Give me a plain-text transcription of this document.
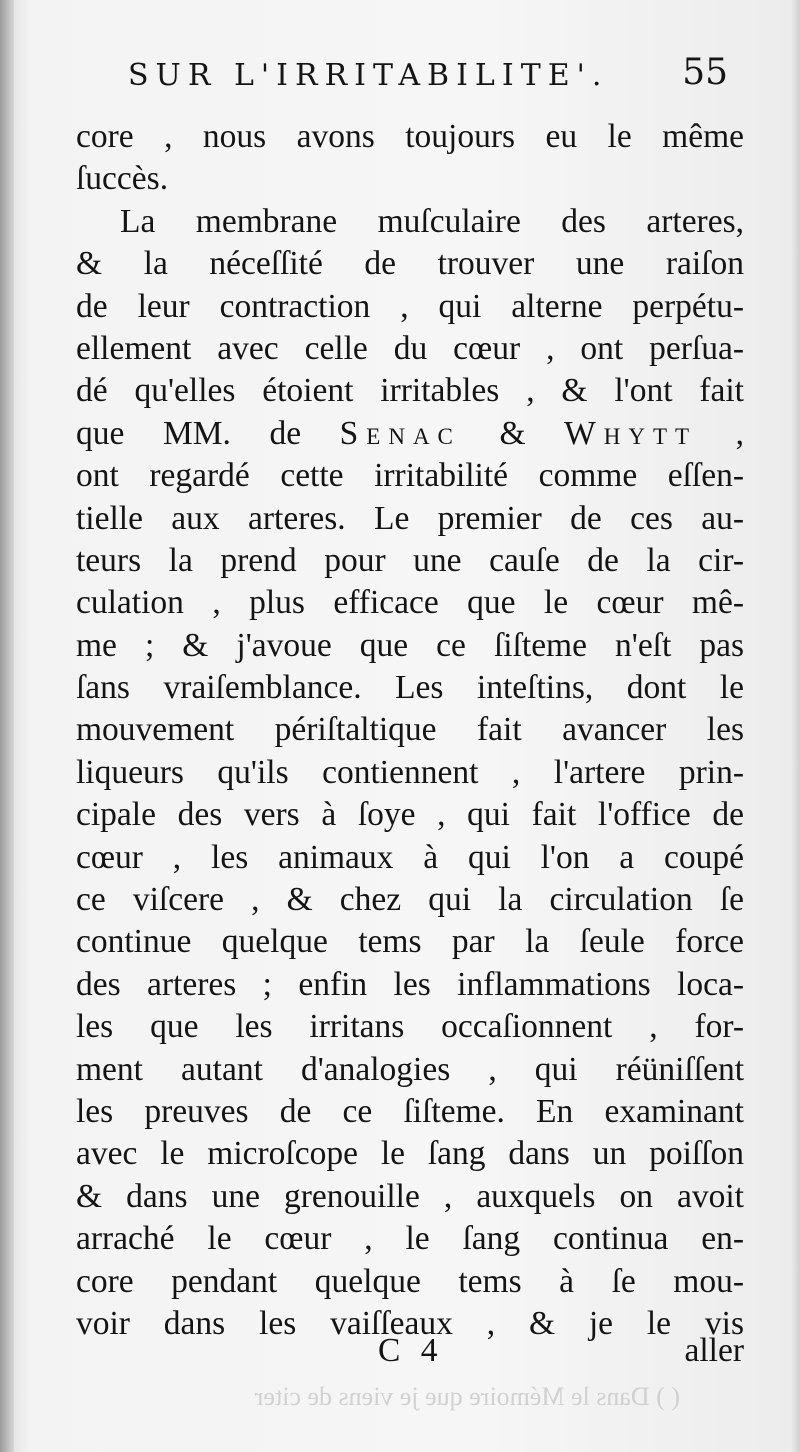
SUR L'IRRITABILITE'. 55
core , nous avons toujours eu le même
ſuccès.
La membrane muſculaire des arteres,
& la néceſſité de trouver une raiſon
de leur contraction , qui alterne perpétu-
ellement avec celle du cœur , ont perſua-
dé qu'elles étoient irritables , & l'ont fait
que MM. de Senac & Whytt ,
ont regardé cette irritabilité comme eſſen-
tielle aux arteres. Le premier de ces au-
teurs la prend pour une cauſe de la cir-
culation , plus efficace que le cœur mê-
me ; & j'avoue que ce ſiſteme n'eſt pas
ſans vraiſemblance. Les inteſtins, dont le
mouvement périſtaltique fait avancer les
liqueurs qu'ils contiennent , l'artere prin-
cipale des vers à ſoye , qui fait l'office de
cœur , les animaux à qui l'on a coupé
ce viſcere , & chez qui la circulation ſe
continue quelque tems par la ſeule force
des arteres ; enfin les inflammations loca-
les que les irritans occaſionnent , for-
ment autant d'analogies , qui réüniſſent
les preuves de ce ſiſteme. En examinant
avec le microſcope le ſang dans un poiſſon
& dans une grenouille , auxquels on avoit
arraché le cœur , le ſang continua en-
core pendant quelque tems à ſe mou-
voir dans les vaiſſeaux , & je le vis
C 4	aller
( ) Dans le Mémoire que je viens de citer
